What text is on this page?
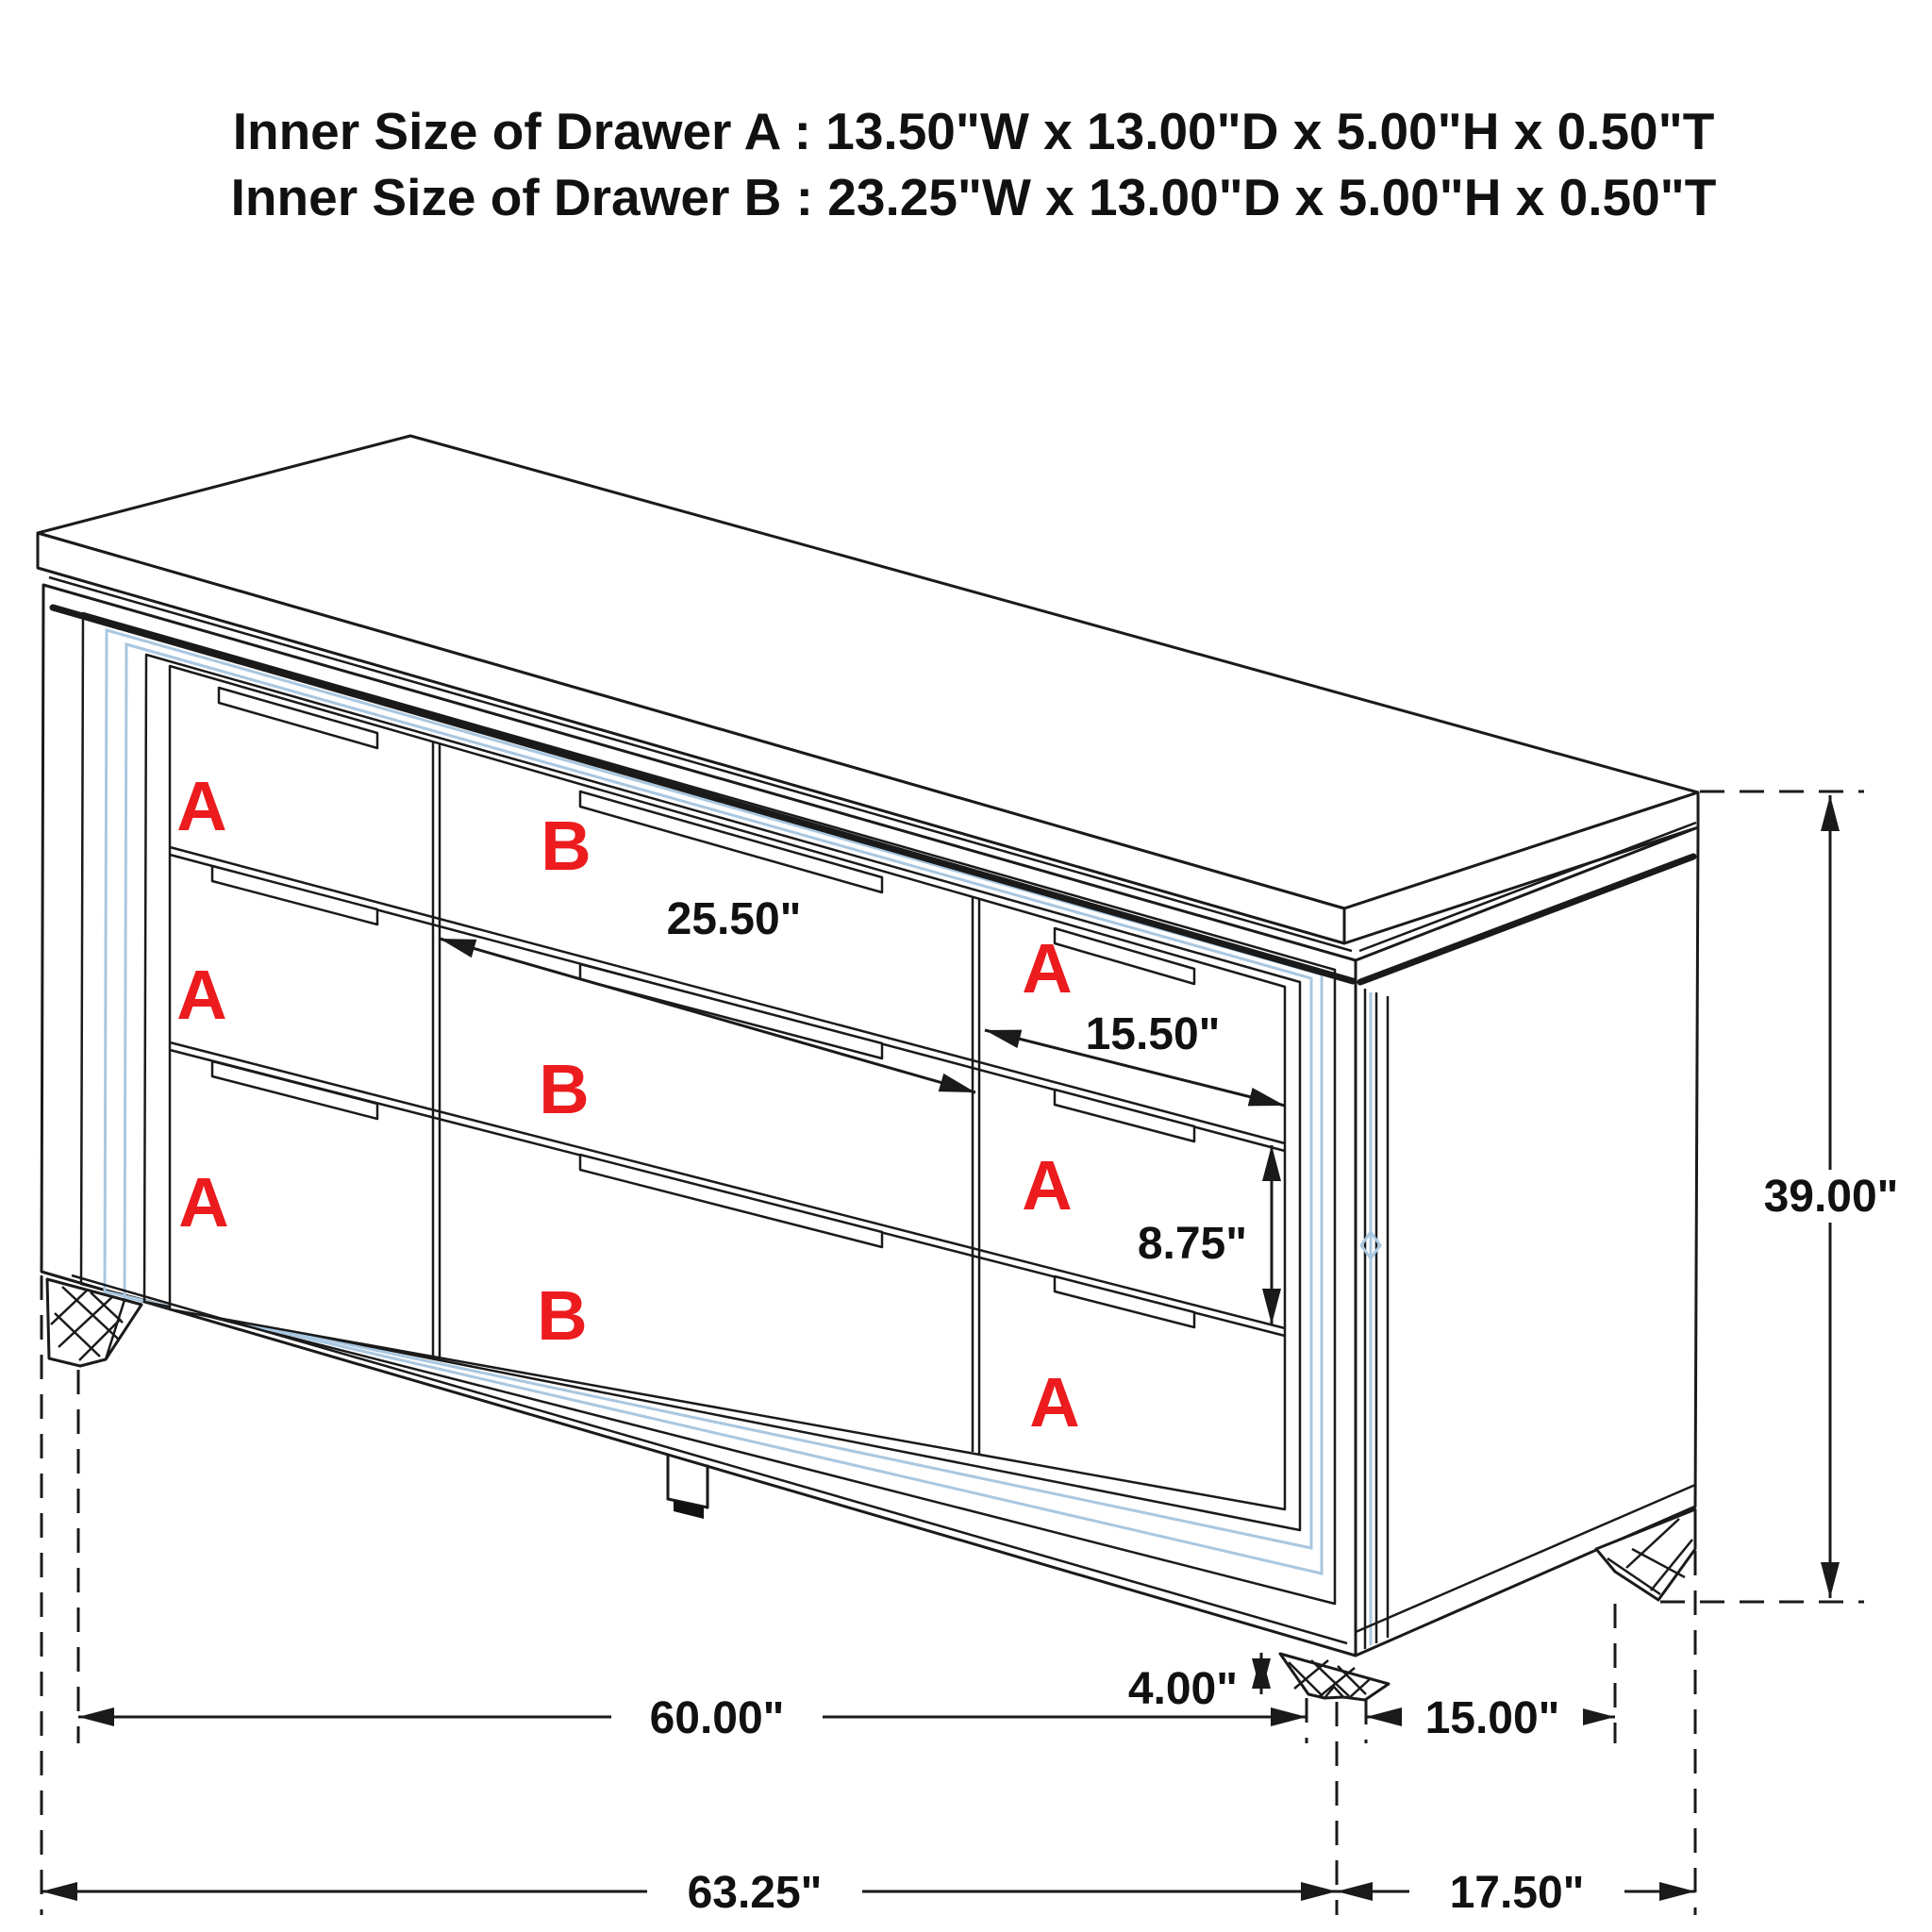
25.50"
15.50"
8.75"
39.00"
4.00"
60.00"	15.00"
63.25"	17.50"
A
A
A
B
B
B
A
A
A
Inner Size of Drawer A : 13.50"W x 13.00"D x 5.00"H x 0.50"T
Inner Size of Drawer B : 23.25"W x 13.00"D x 5.00"H x 0.50"T
